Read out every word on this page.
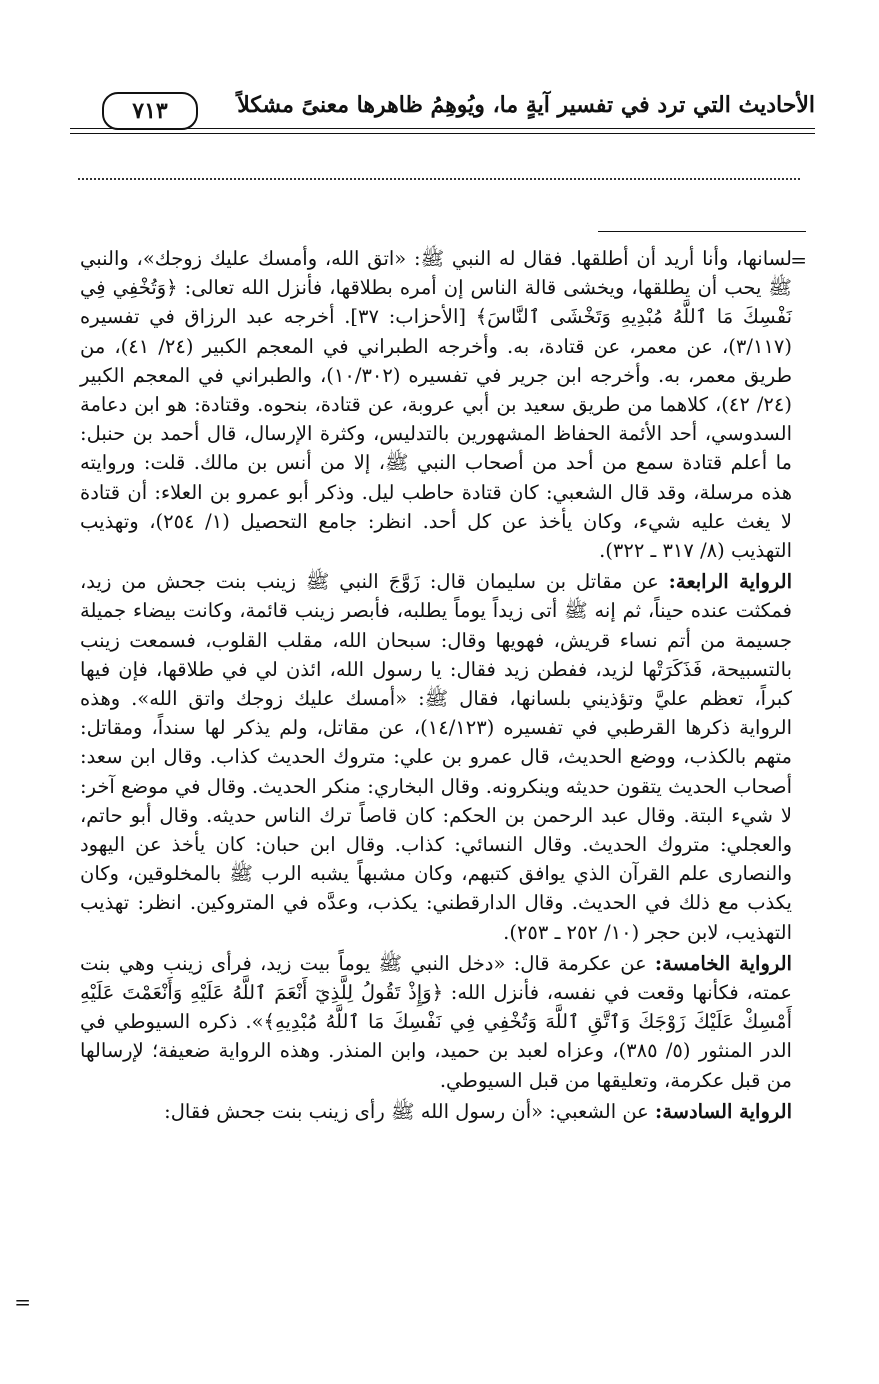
الأحاديث التي ترد في تفسير آيةٍ ما، ويُوهِمُ ظاهرها معنىً مشكلاً
٧١٣
=
=

لسانها، وأنا أريد أن أطلقها. فقال له النبي ﷺ: «اتق الله، وأمسك عليك زوجك»، والنبي ﷺ يحب أن يطلقها، ويخشى قالة الناس إن أمره بطلاقها، فأنزل الله تعالى: ﴿وَتُخْفِي فِي نَفْسِكَ مَا ٱللَّهُ مُبْدِيهِ وَتَخْشَى ٱلنَّاسَ﴾ [الأحزاب: ٣٧]. أخرجه عبد الرزاق في تفسيره (٣/١١٧)، عن معمر، عن قتادة، به. وأخرجه الطبراني في المعجم الكبير (٢٤/ ٤١)، من طريق معمر، به. وأخرجه ابن جرير في تفسيره (١٠/٣٠٢)، والطبراني في المعجم الكبير (٢٤/ ٤٢)، كلاهما من طريق سعيد بن أبي عروبة، عن قتادة، بنحوه. وقتادة: هو ابن دعامة السدوسي، أحد الأئمة الحفاظ المشهورين بالتدليس، وكثرة الإرسال، قال أحمد بن حنبل: ما أعلم قتادة سمع من أحد من أصحاب النبي ﷺ، إلا من أنس بن مالك. قلت: وروايته هذه مرسلة، وقد قال الشعبي: كان قتادة حاطب ليل. وذكر أبو عمرو بن العلاء: أن قتادة لا يغث عليه شيء، وكان يأخذ عن كل أحد. انظر: جامع التحصيل (١/ ٢٥٤)، وتهذيب التهذيب (٨/ ٣١٧ ـ ٣٢٢).

الرواية الرابعة: عن مقاتل بن سليمان قال: زَوَّجَ النبي ﷺ زينب بنت جحش من زيد، فمكثت عنده حيناً، ثم إنه ﷺ أتى زيداً يوماً يطلبه، فأبصر زينب قائمة، وكانت بيضاء جميلة جسيمة من أتم نساء قريش، فهويها وقال: سبحان الله، مقلب القلوب، فسمعت زينب بالتسبيحة، فَذَكَرَتْها لزيد، ففطن زيد فقال: يا رسول الله، ائذن لي في طلاقها، فإن فيها كبراً، تعظم عليَّ وتؤذيني بلسانها، فقال ﷺ: «أمسك عليك زوجك واتق الله». وهذه الرواية ذكرها القرطبي في تفسيره (١٤/١٢٣)، عن مقاتل، ولم يذكر لها سنداً، ومقاتل: متهم بالكذب، ووضع الحديث، قال عمرو بن علي: متروك الحديث كذاب. وقال ابن سعد: أصحاب الحديث يتقون حديثه وينكرونه. وقال البخاري: منكر الحديث. وقال في موضع آخر: لا شيء البتة. وقال عبد الرحمن بن الحكم: كان قاصاً ترك الناس حديثه. وقال أبو حاتم، والعجلي: متروك الحديث. وقال النسائي: كذاب. وقال ابن حبان: كان يأخذ عن اليهود والنصارى علم القرآن الذي يوافق كتبهم، وكان مشبهاً يشبه الرب ﷺ بالمخلوقين، وكان يكذب مع ذلك في الحديث. وقال الدارقطني: يكذب، وعدَّه في المتروكين. انظر: تهذيب التهذيب، لابن حجر (١٠/ ٢٥٢ ـ ٢٥٣).

الرواية الخامسة: عن عكرمة قال: «دخل النبي ﷺ يوماً بيت زيد، فرأى زينب وهي بنت عمته، فكأنها وقعت في نفسه، فأنزل الله: ﴿وَإِذْ تَقُولُ لِلَّذِيٓ أَنْعَمَ ٱللَّهُ عَلَيْهِ وَأَنْعَمْتَ عَلَيْهِ أَمْسِكْ عَلَيْكَ زَوْجَكَ وَٱتَّقِ ٱللَّهَ وَتُخْفِي فِي نَفْسِكَ مَا ٱللَّهُ مُبْدِيهِ﴾». ذكره السيوطي في الدر المنثور (٥/ ٣٨٥)، وعزاه لعبد بن حميد، وابن المنذر. وهذه الرواية ضعيفة؛ لإرسالها من قبل عكرمة، وتعليقها من قبل السيوطي.

الرواية السادسة: عن الشعبي: «أن رسول الله ﷺ رأى زينب بنت جحش فقال:
